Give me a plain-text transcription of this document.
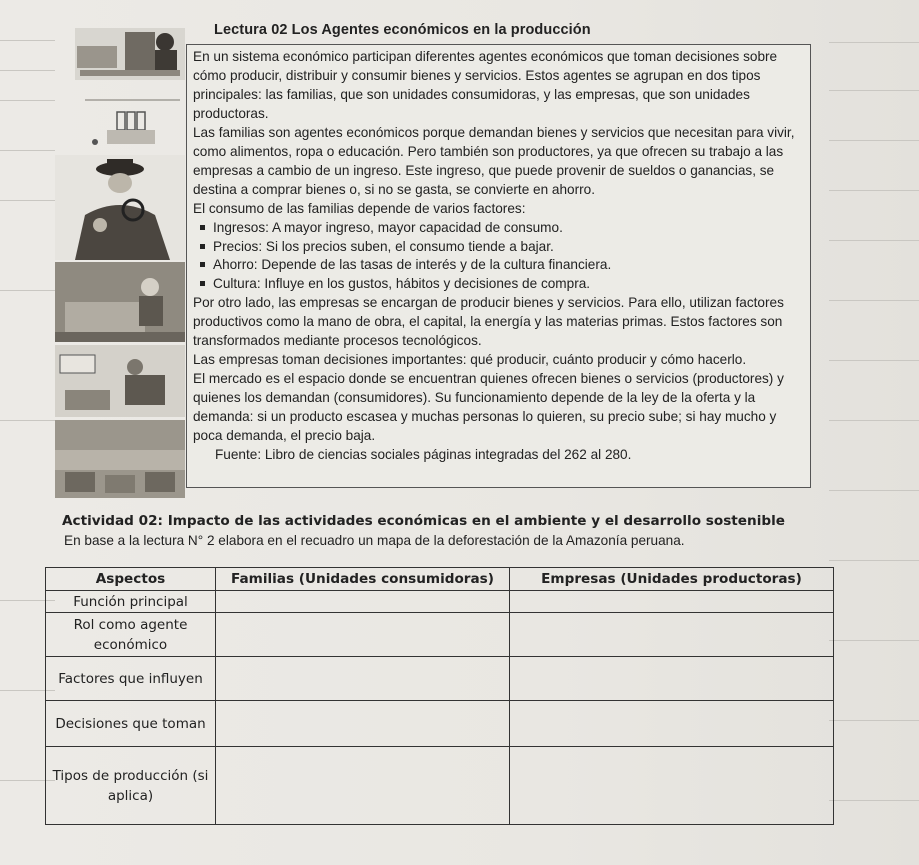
Lectura 02 Los Agentes económicos en la producción

En un sistema económico participan diferentes agentes económicos que toman decisiones sobre cómo producir, distribuir y consumir bienes y servicios. Estos agentes se agrupan en dos tipos principales: las familias, que son unidades consumidoras, y las empresas, que son unidades productoras.

Las familias son agentes económicos porque demandan bienes y servicios que necesitan para vivir, como alimentos, ropa o educación. Pero también son productores, ya que ofrecen su trabajo a las empresas a cambio de un ingreso. Este ingreso, que puede provenir de sueldos o ganancias, se destina a comprar bienes o, si no se gasta, se convierte en ahorro.

El consumo de las familias depende de varios factores:

Ingresos: A mayor ingreso, mayor capacidad de consumo.
Precios: Si los precios suben, el consumo tiende a bajar.
Ahorro: Depende de las tasas de interés y de la cultura financiera.
Cultura: Influye en los gustos, hábitos y decisiones de compra.

Por otro lado, las empresas se encargan de producir bienes y servicios. Para ello, utilizan factores productivos como la mano de obra, el capital, la energía y las materias primas. Estos factores son transformados mediante procesos tecnológicos.

Las empresas toman decisiones importantes: qué producir, cuánto producir y cómo hacerlo.

El mercado es el espacio donde se encuentran quienes ofrecen bienes o servicios (productores) y quienes los demandan (consumidores). Su funcionamiento depende de la ley de la oferta y la demanda: si un producto escasea y muchas personas lo quieren, su precio sube; si hay mucho y poca demanda, el precio baja.

Fuente: Libro de ciencias sociales páginas integradas del 262 al 280.

Actividad 02: Impacto de las actividades económicas en el ambiente y el desarrollo sostenible
En base a la lectura N° 2 elabora en el recuadro un mapa de la deforestación de la Amazonía peruana.
Aspectos	Familias (Unidades consumidoras)	Empresas (Unidades productoras)
Función principal		
Rol como agente económico		
Factores que influyen		
Decisiones que toman		
Tipos de producción (si aplica)		
